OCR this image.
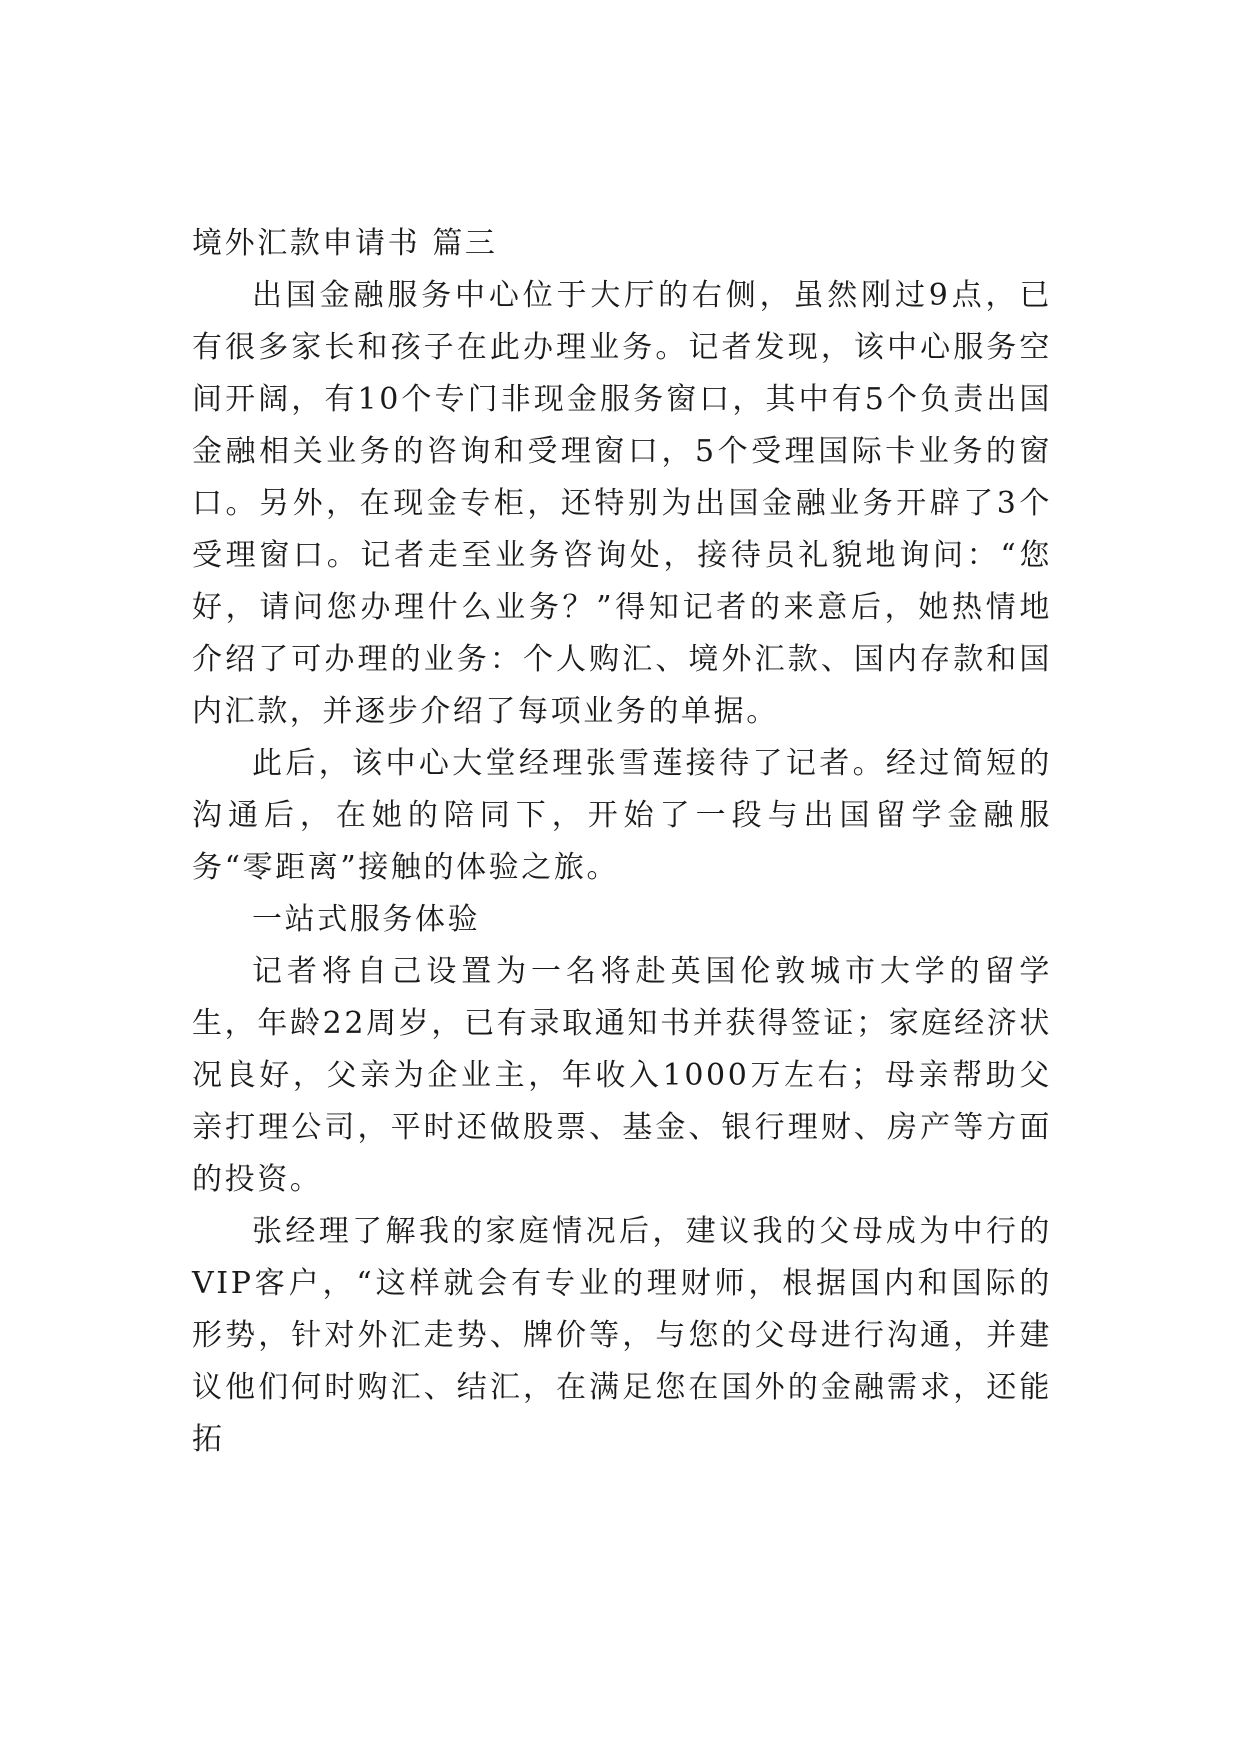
境外汇款申请书 篇三

出国金融服务中心位于大厅的右侧，虽然刚过9点，已有很多家长和孩子在此办理业务。记者发现，该中心服务空间开阔，有10个专门非现金服务窗口，其中有5个负责出国金融相关业务的咨询和受理窗口，5个受理国际卡业务的窗口。另外，在现金专柜，还特别为出国金融业务开辟了3个受理窗口。记者走至业务咨询处，接待员礼貌地询问：“您好，请问您办理什么业务？”得知记者的来意后，她热情地介绍了可办理的业务：个人购汇、境外汇款、国内存款和国内汇款，并逐步介绍了每项业务的单据。

此后，该中心大堂经理张雪莲接待了记者。经过简短的沟通后，在她的陪同下，开始了一段与出国留学金融服务“零距离”接触的体验之旅。

一站式服务体验

记者将自己设置为一名将赴英国伦敦城市大学的留学生，年龄22周岁，已有录取通知书并获得签证；家庭经济状况良好，父亲为企业主，年收入1000万左右；母亲帮助父亲打理公司，平时还做股票、基金、银行理财、房产等方面的投资。

张经理了解我的家庭情况后，建议我的父母成为中行的VIP客户，“这样就会有专业的理财师，根据国内和国际的形势，针对外汇走势、牌价等，与您的父母进行沟通，并建议他们何时购汇、结汇，在满足您在国外的金融需求，还能拓
